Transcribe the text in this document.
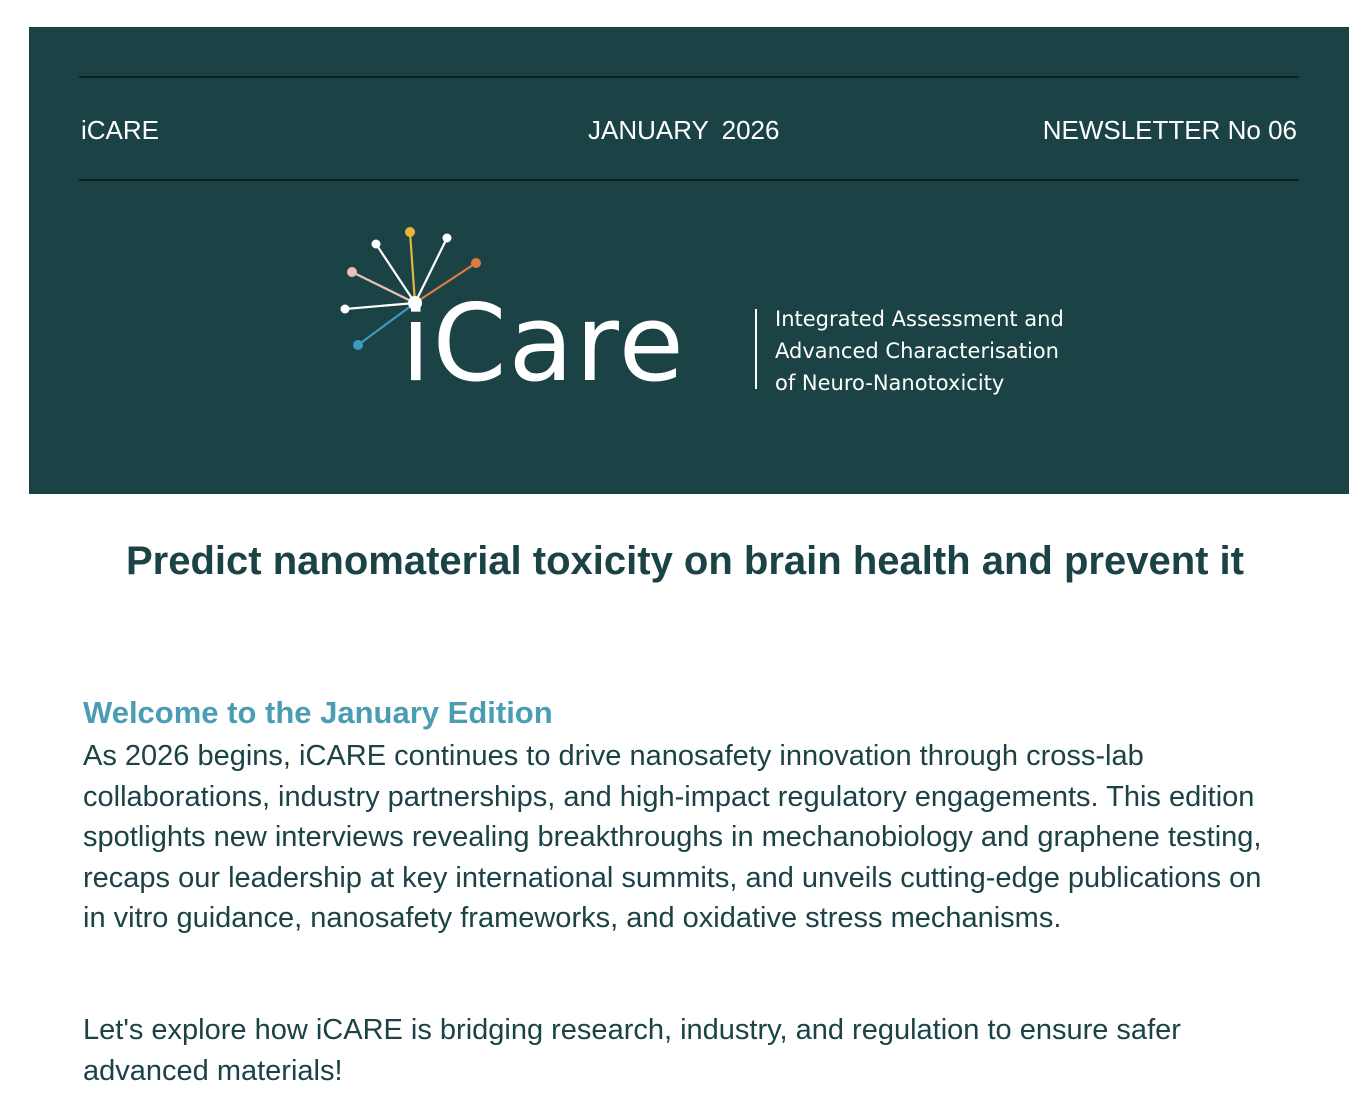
iCARE	JANUARY 2026	NEWSLETTER No 06
iCare	Integrated Assessment and
Advanced Characterisation
of Neuro-Nanotoxicity
Predict nanomaterial toxicity on brain health and prevent it
Welcome to the January Edition

As 2026 begins, iCARE continues to drive nanosafety innovation through cross-lab collaborations, industry partnerships, and high-impact regulatory engagements. This edition spotlights new interviews revealing breakthroughs in mechanobiology and graphene testing, recaps our leadership at key international summits, and unveils cutting-edge publications on in vitro guidance, nanosafety frameworks, and oxidative stress mechanisms.

Let's explore how iCARE is bridging research, industry, and regulation to ensure safer advanced materials!
